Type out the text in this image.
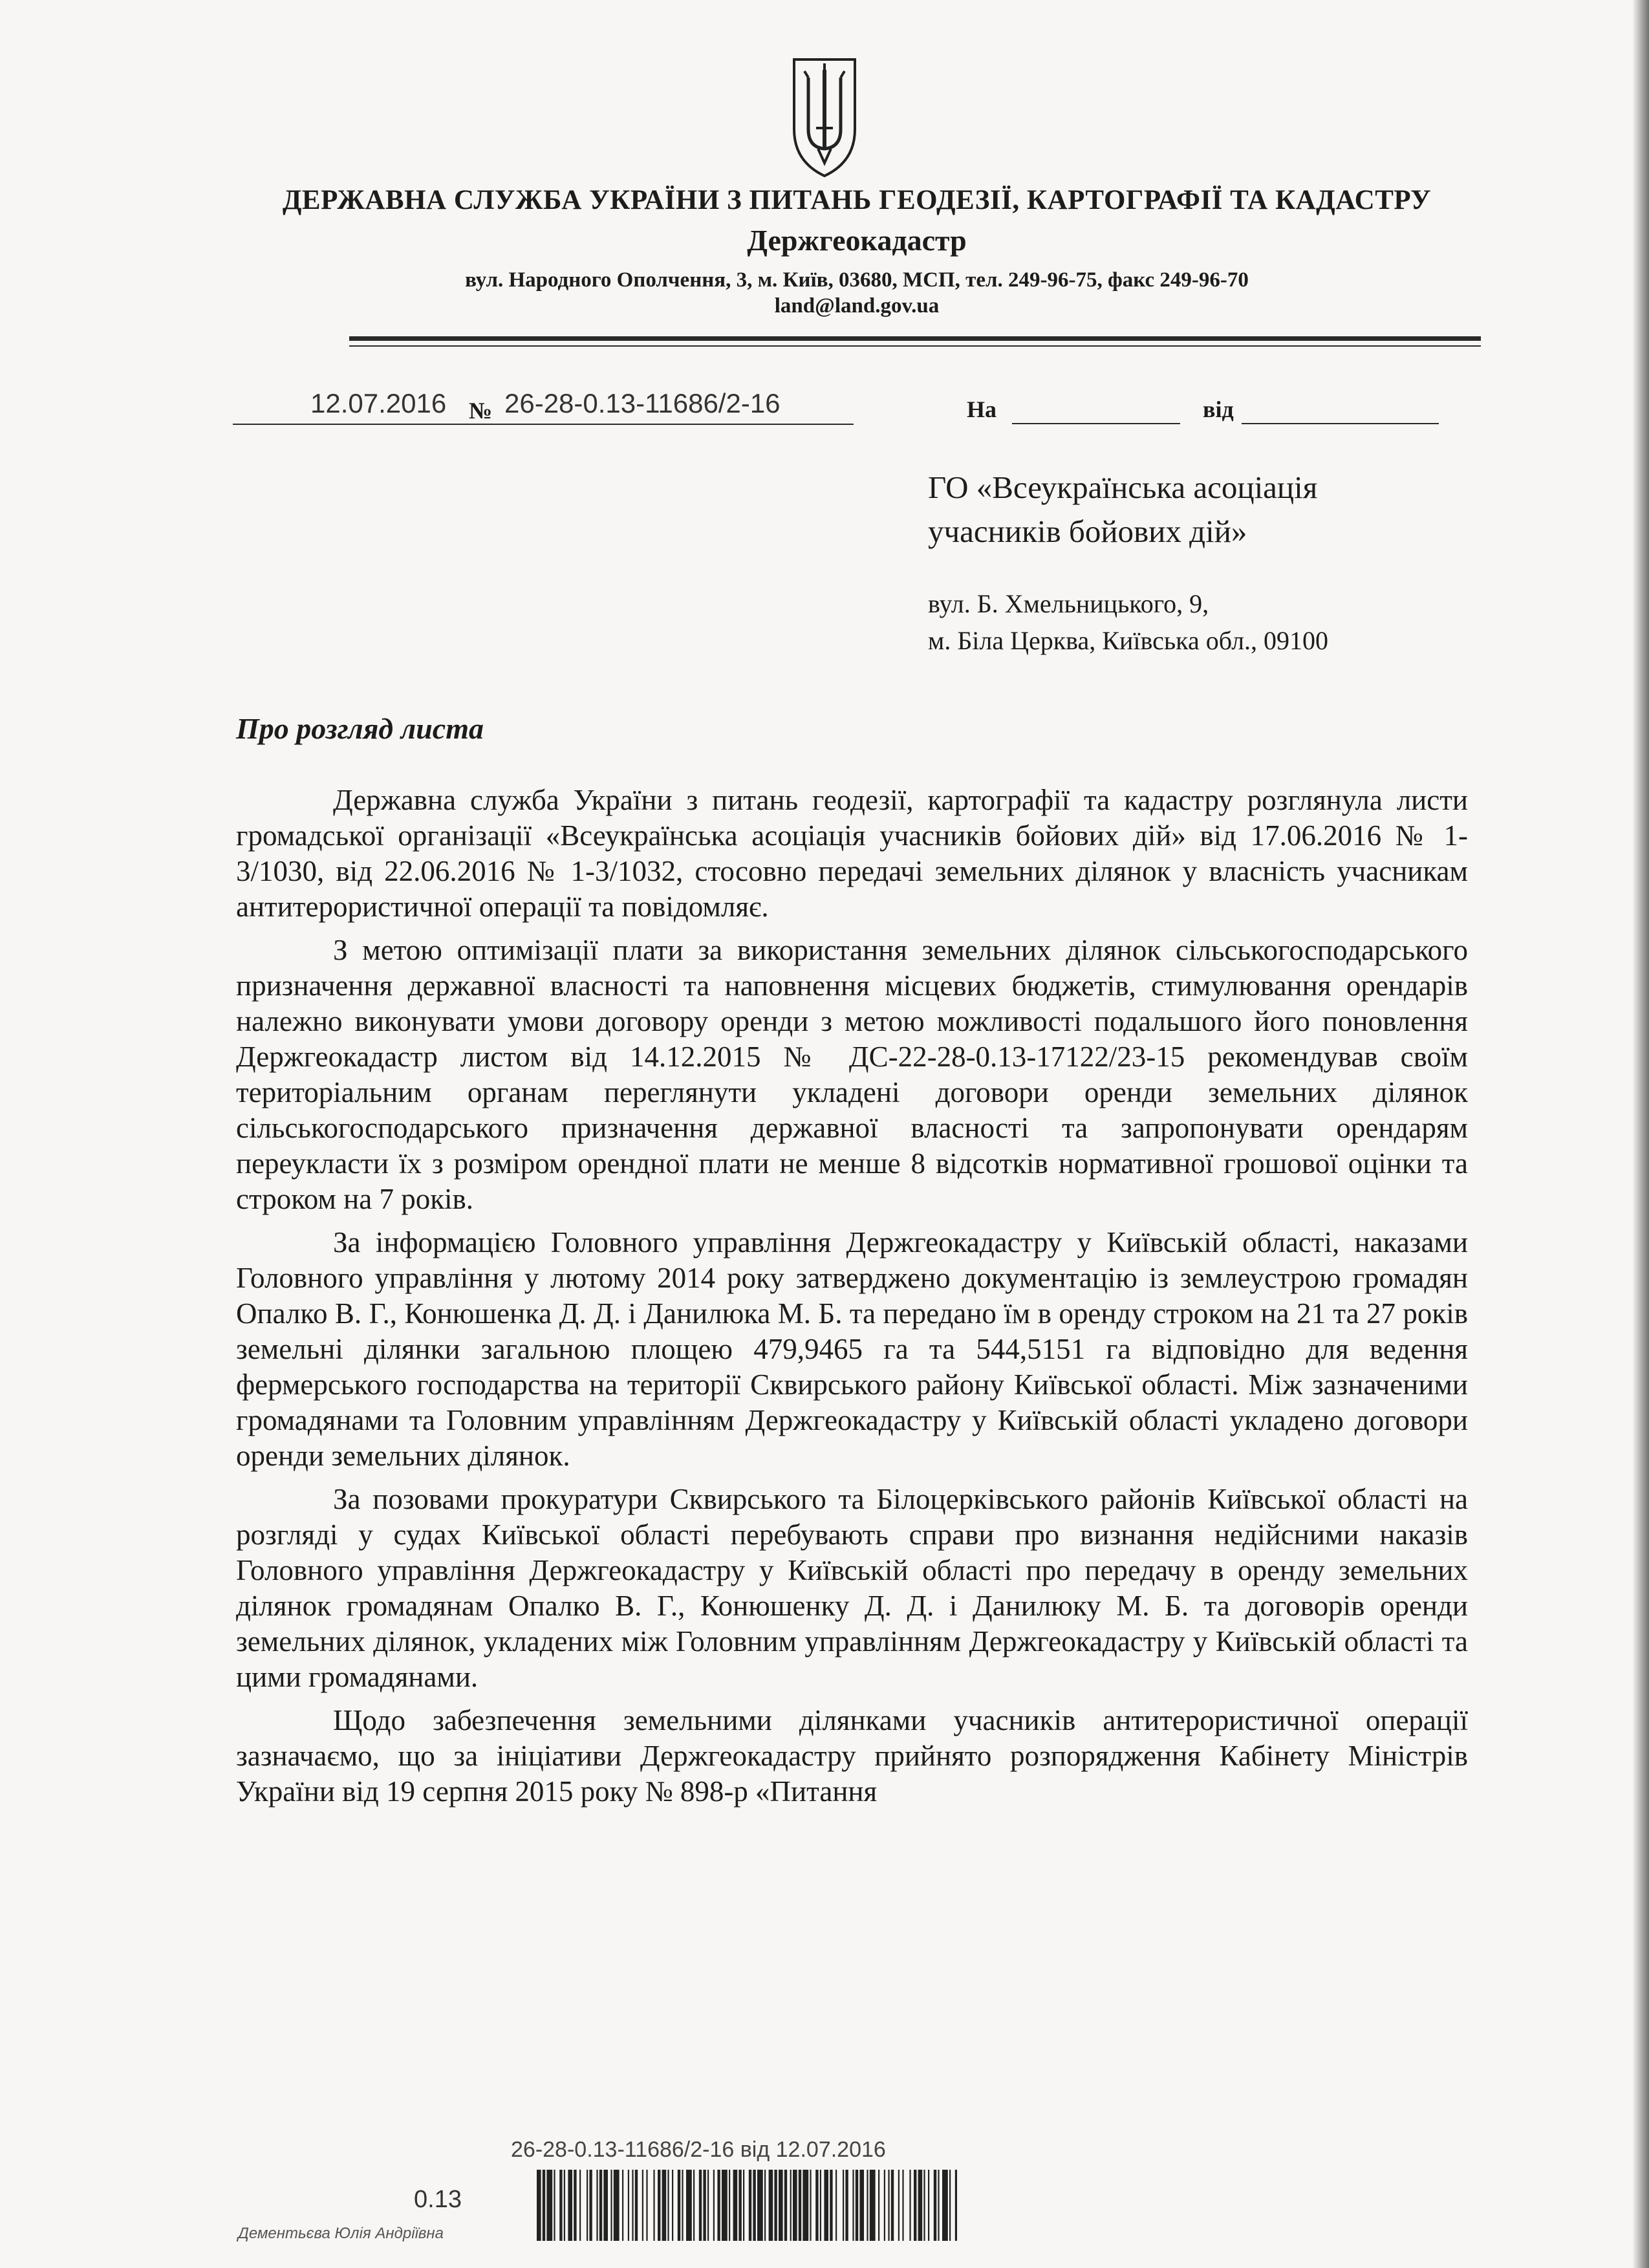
ДЕРЖАВНА СЛУЖБА УКРАЇНИ З ПИТАНЬ ГЕОДЕЗІЇ, КАРТОГРАФІЇ ТА КАДАСТРУ
Держгеокадастр
вул. Народного Ополчення, 3, м. Київ, 03680, МСП, тел. 249-96-75, факс 249-96-70
land@land.gov.ua
12.07.2016 № 26-28-0.13-11686/2-16	На	від
ГО «Всеукраїнська асоціація
учасників бойових дій»
вул. Б. Хмельницького, 9,
м. Біла Церква, Київська обл., 09100
Про розгляд листа

Державна служба України з питань геодезії, картографії та кадастру розглянула листи громадської організації «Всеукраїнська асоціація учасників бойових дій» від 17.06.2016 № 1-3/1030, від 22.06.2016 № 1-3/1032, стосовно передачі земельних ділянок у власність учасникам антитерористичної операції та повідомляє.

З метою оптимізації плати за використання земельних ділянок сільськогосподарського призначення державної власності та наповнення місцевих бюджетів, стимулювання орендарів належно виконувати умови договору оренди з метою можливості подальшого його поновлення Держгеокадастр листом від 14.12.2015 № ДС-22-28-0.13-17122/23-15 рекомендував своїм територіальним органам переглянути укладені договори оренди земельних ділянок сільськогосподарського призначення державної власності та запропонувати орендарям переукласти їх з розміром орендної плати не менше 8 відсотків нормативної грошової оцінки та строком на 7 років.

За інформацією Головного управління Держгеокадастру у Київській області, наказами Головного управління у лютому 2014 року затверджено документацію із землеустрою громадян Опалко В. Г., Конюшенка Д. Д. і Данилюка М. Б. та передано їм в оренду строком на 21 та 27 років земельні ділянки загальною площею 479,9465 га та 544,5151 га відповідно для ведення фермерського господарства на території Сквирського району Київської області. Між зазначеними громадянами та Головним управлінням Держгеокадастру у Київській області укладено договори оренди земельних ділянок.

За позовами прокуратури Сквирського та Білоцерківського районів Київської області на розгляді у судах Київської області перебувають справи про визнання недійсними наказів Головного управління Держгеокадастру у Київській області про передачу в оренду земельних ділянок громадянам Опалко В. Г., Конюшенку Д. Д. і Данилюку М. Б. та договорів оренди земельних ділянок, укладених між Головним управлінням Держгеокадастру у Київській області та цими громадянами.

Щодо забезпечення земельними ділянками учасників антитерористичної операції зазначаємо, що за ініціативи Держгеокадастру прийнято розпорядження Кабінету Міністрів України від 19 серпня 2015 року № 898-р «Питання

26-28-0.13-11686/2-16 від 12.07.2016
0.13
Дементьєва Юлія Андріївна
